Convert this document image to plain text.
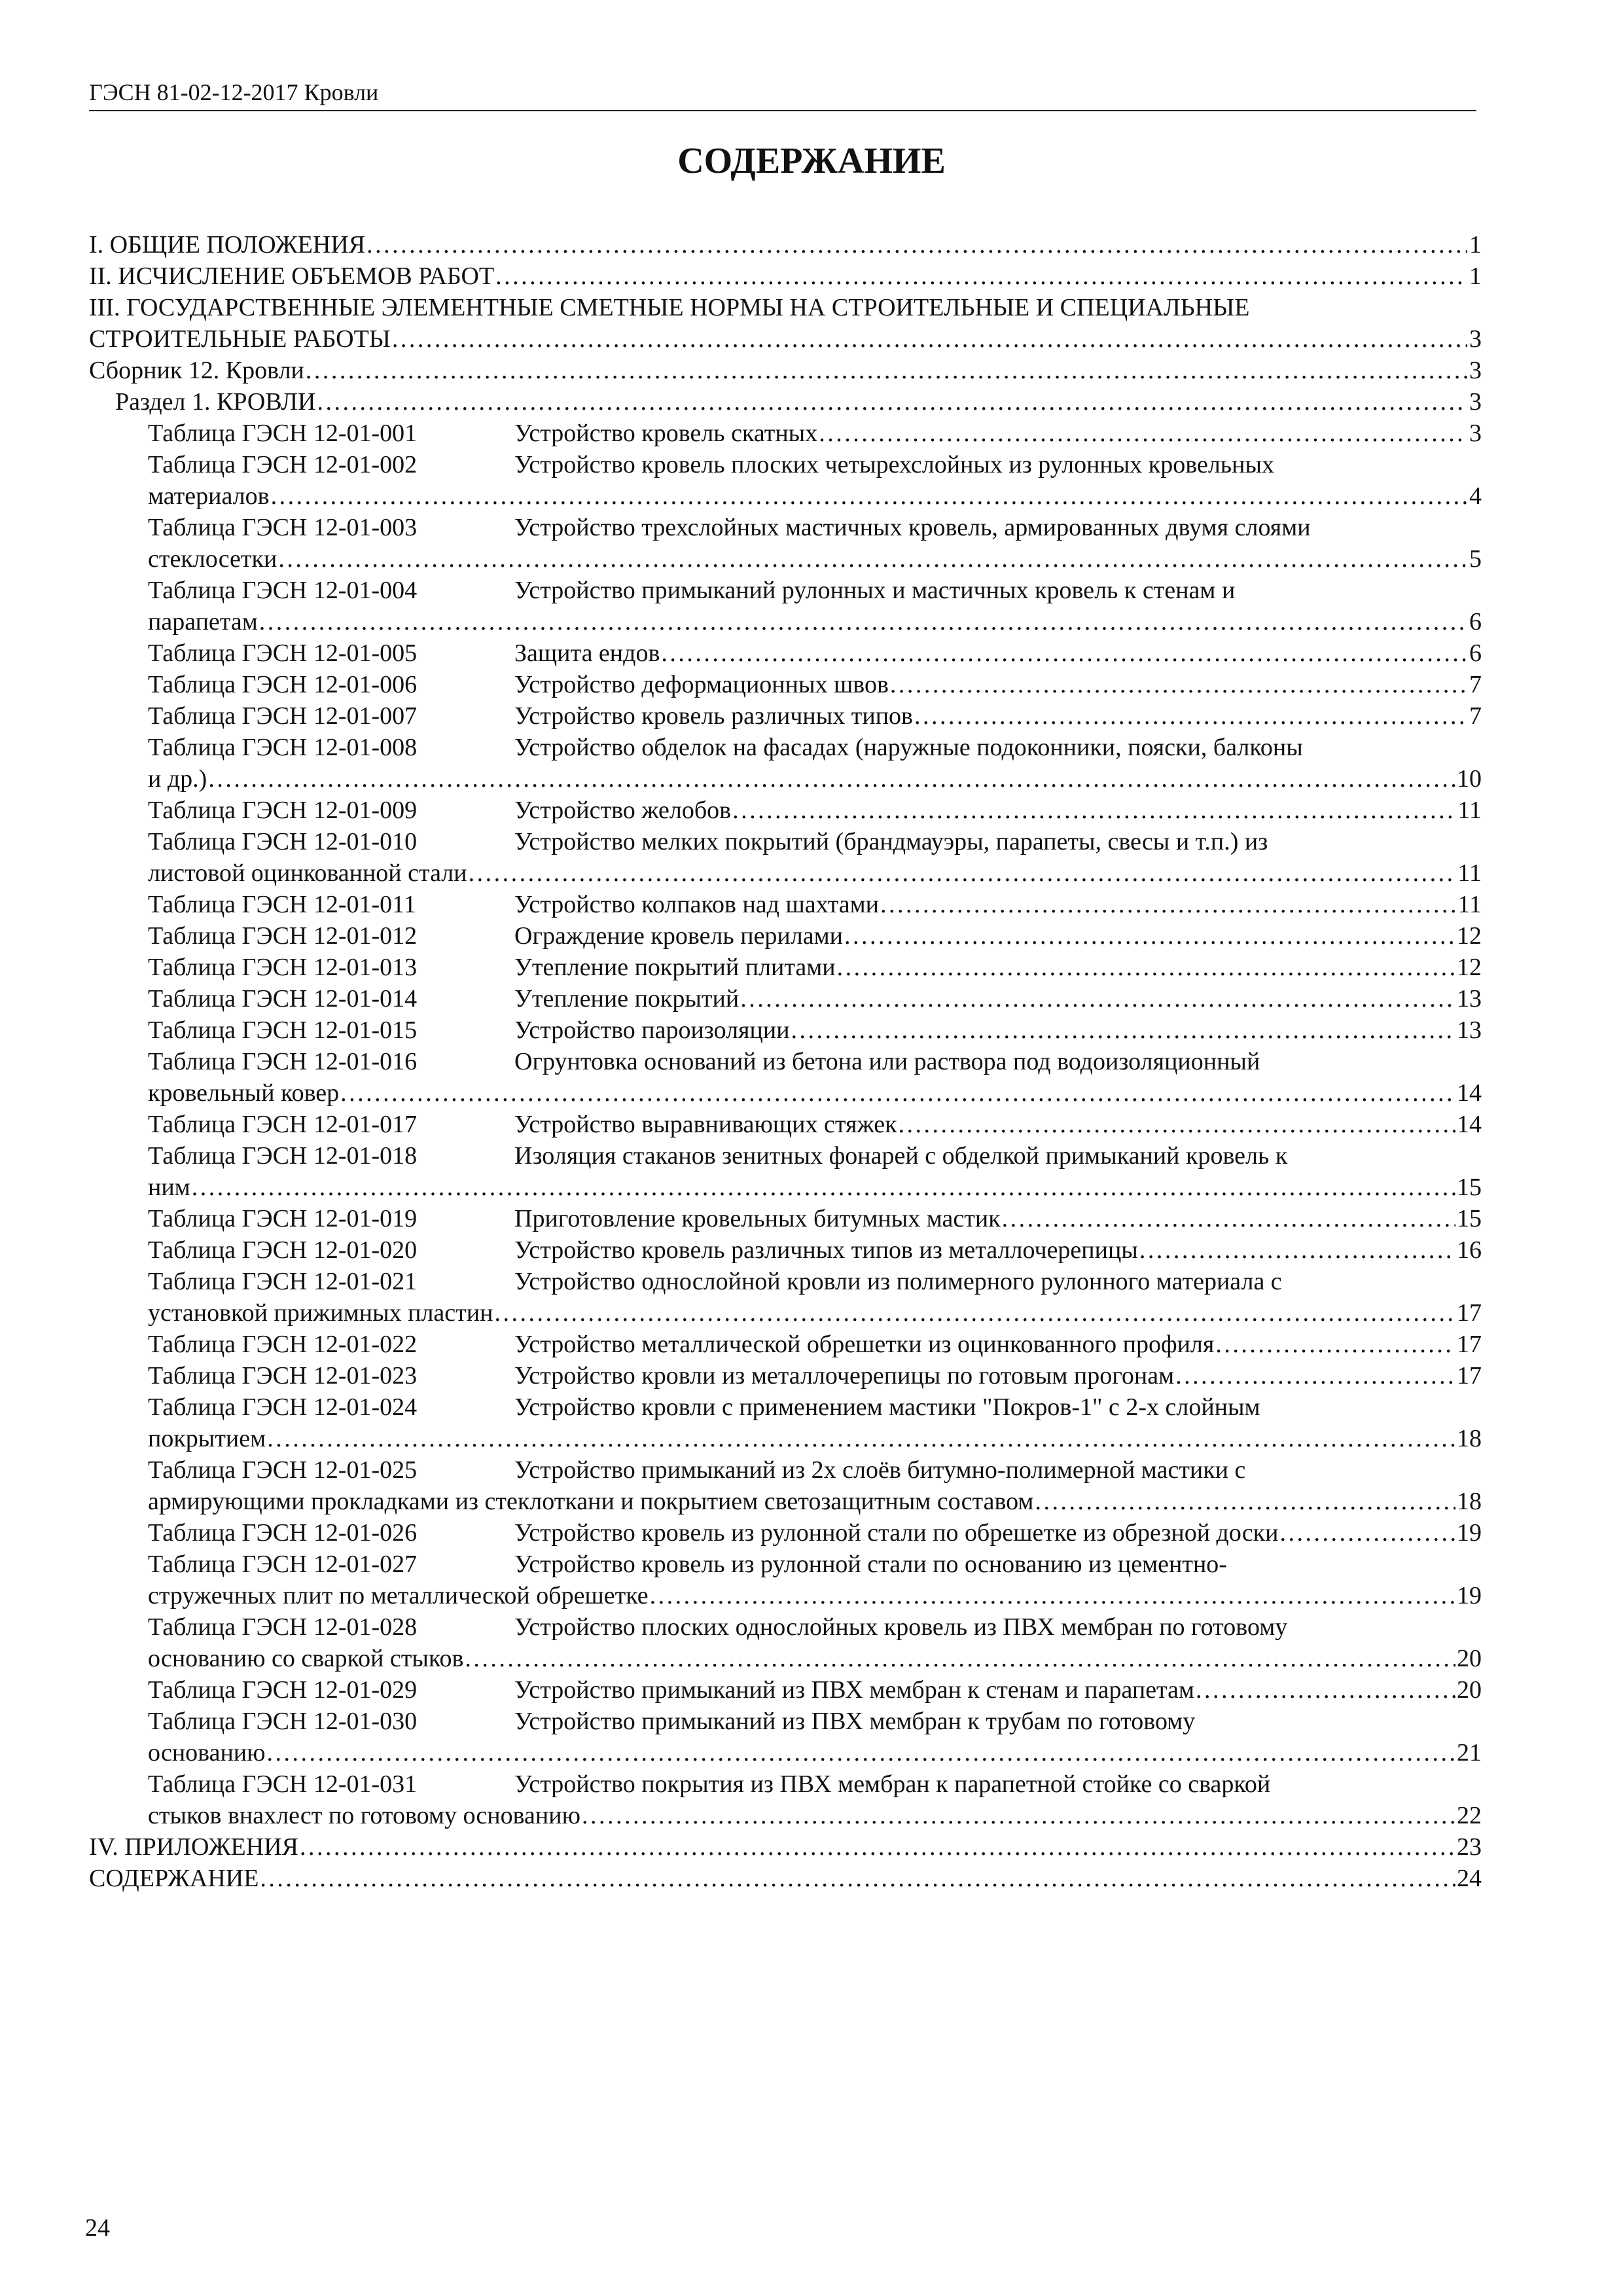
ГЭСН 81-02-12-2017 Кровли
СОДЕРЖАНИЕ
I. ОБЩИЕ ПОЛОЖЕНИЯ . . .	1
II. ИСЧИСЛЕНИЕ ОБЪЕМОВ РАБОТ . . .	1
III. ГОСУДАРСТВЕННЫЕ ЭЛЕМЕНТНЫЕ СМЕТНЫЕ НОРМЫ НА СТРОИТЕЛЬНЫЕ И СПЕЦИАЛЬНЫЕ
СТРОИТЕЛЬНЫЕ РАБОТЫ . . .	3
Сборник 12. Кровли . . .	3
Раздел 1. КРОВЛИ . . .	3
Таблица ГЭСН 12-01-001	Устройство кровель скатных . . .	3
Таблица ГЭСН 12-01-002	Устройство кровель плоских четырехслойных из рулонных кровельных
материалов . . .	4
Таблица ГЭСН 12-01-003	Устройство трехслойных мастичных кровель, армированных двумя слоями
стеклосетки . . .	5
Таблица ГЭСН 12-01-004	Устройство примыканий рулонных и мастичных кровель к стенам и
парапетам . . .	6
Таблица ГЭСН 12-01-005	Защита ендов . . .	6
Таблица ГЭСН 12-01-006	Устройство деформационных швов . . .	7
Таблица ГЭСН 12-01-007	Устройство кровель различных типов . . .	7
Таблица ГЭСН 12-01-008	Устройство обделок на фасадах (наружные подоконники, пояски, балконы
и др.) . . .	10
Таблица ГЭСН 12-01-009	Устройство желобов . . .	11
Таблица ГЭСН 12-01-010	Устройство мелких покрытий (брандмауэры, парапеты, свесы и т.п.) из
листовой оцинкованной стали . . .	11
Таблица ГЭСН 12-01-011	Устройство колпаков над шахтами . . .	11
Таблица ГЭСН 12-01-012	Ограждение кровель перилами . . .	12
Таблица ГЭСН 12-01-013	Утепление покрытий плитами . . .	12
Таблица ГЭСН 12-01-014	Утепление покрытий . . .	13
Таблица ГЭСН 12-01-015	Устройство пароизоляции . . .	13
Таблица ГЭСН 12-01-016	Огрунтовка оснований из бетона или раствора под водоизоляционный
кровельный ковер . . .	14
Таблица ГЭСН 12-01-017	Устройство выравнивающих стяжек . . .	14
Таблица ГЭСН 12-01-018	Изоляция стаканов зенитных фонарей с обделкой примыканий кровель к
ним . . .	15
Таблица ГЭСН 12-01-019	Приготовление кровельных битумных мастик . . .	15
Таблица ГЭСН 12-01-020	Устройство кровель различных типов из металлочерепицы . . .	16
Таблица ГЭСН 12-01-021	Устройство однослойной кровли из полимерного рулонного материала с
установкой прижимных пластин . . .	17
Таблица ГЭСН 12-01-022	Устройство металлической обрешетки из оцинкованного профиля . . .	17
Таблица ГЭСН 12-01-023	Устройство кровли из металлочерепицы по готовым прогонам . . .	17
Таблица ГЭСН 12-01-024	Устройство кровли с применением мастики "Покров-1" с 2-х слойным
покрытием . . .	18
Таблица ГЭСН 12-01-025	Устройство примыканий из 2х слоёв битумно-полимерной мастики с
армирующими прокладками из стеклоткани и покрытием светозащитным составом . . .	18
Таблица ГЭСН 12-01-026	Устройство кровель из рулонной стали по обрешетке из обрезной доски . . .	19
Таблица ГЭСН 12-01-027	Устройство кровель из рулонной стали по основанию из цементно-
стружечных плит по металлической обрешетке . . .	19
Таблица ГЭСН 12-01-028	Устройство плоских однослойных кровель из ПВХ мембран по готовому
основанию со сваркой стыков . . .	20
Таблица ГЭСН 12-01-029	Устройство примыканий из ПВХ мембран к стенам и парапетам . . .	20
Таблица ГЭСН 12-01-030	Устройство примыканий из ПВХ мембран к трубам по готовому
основанию . . .	21
Таблица ГЭСН 12-01-031	Устройство покрытия из ПВХ мембран к парапетной стойке со сваркой
стыков внахлест по готовому основанию . . .	22
IV. ПРИЛОЖЕНИЯ . . .	23
СОДЕРЖАНИЕ . . .	24
24
